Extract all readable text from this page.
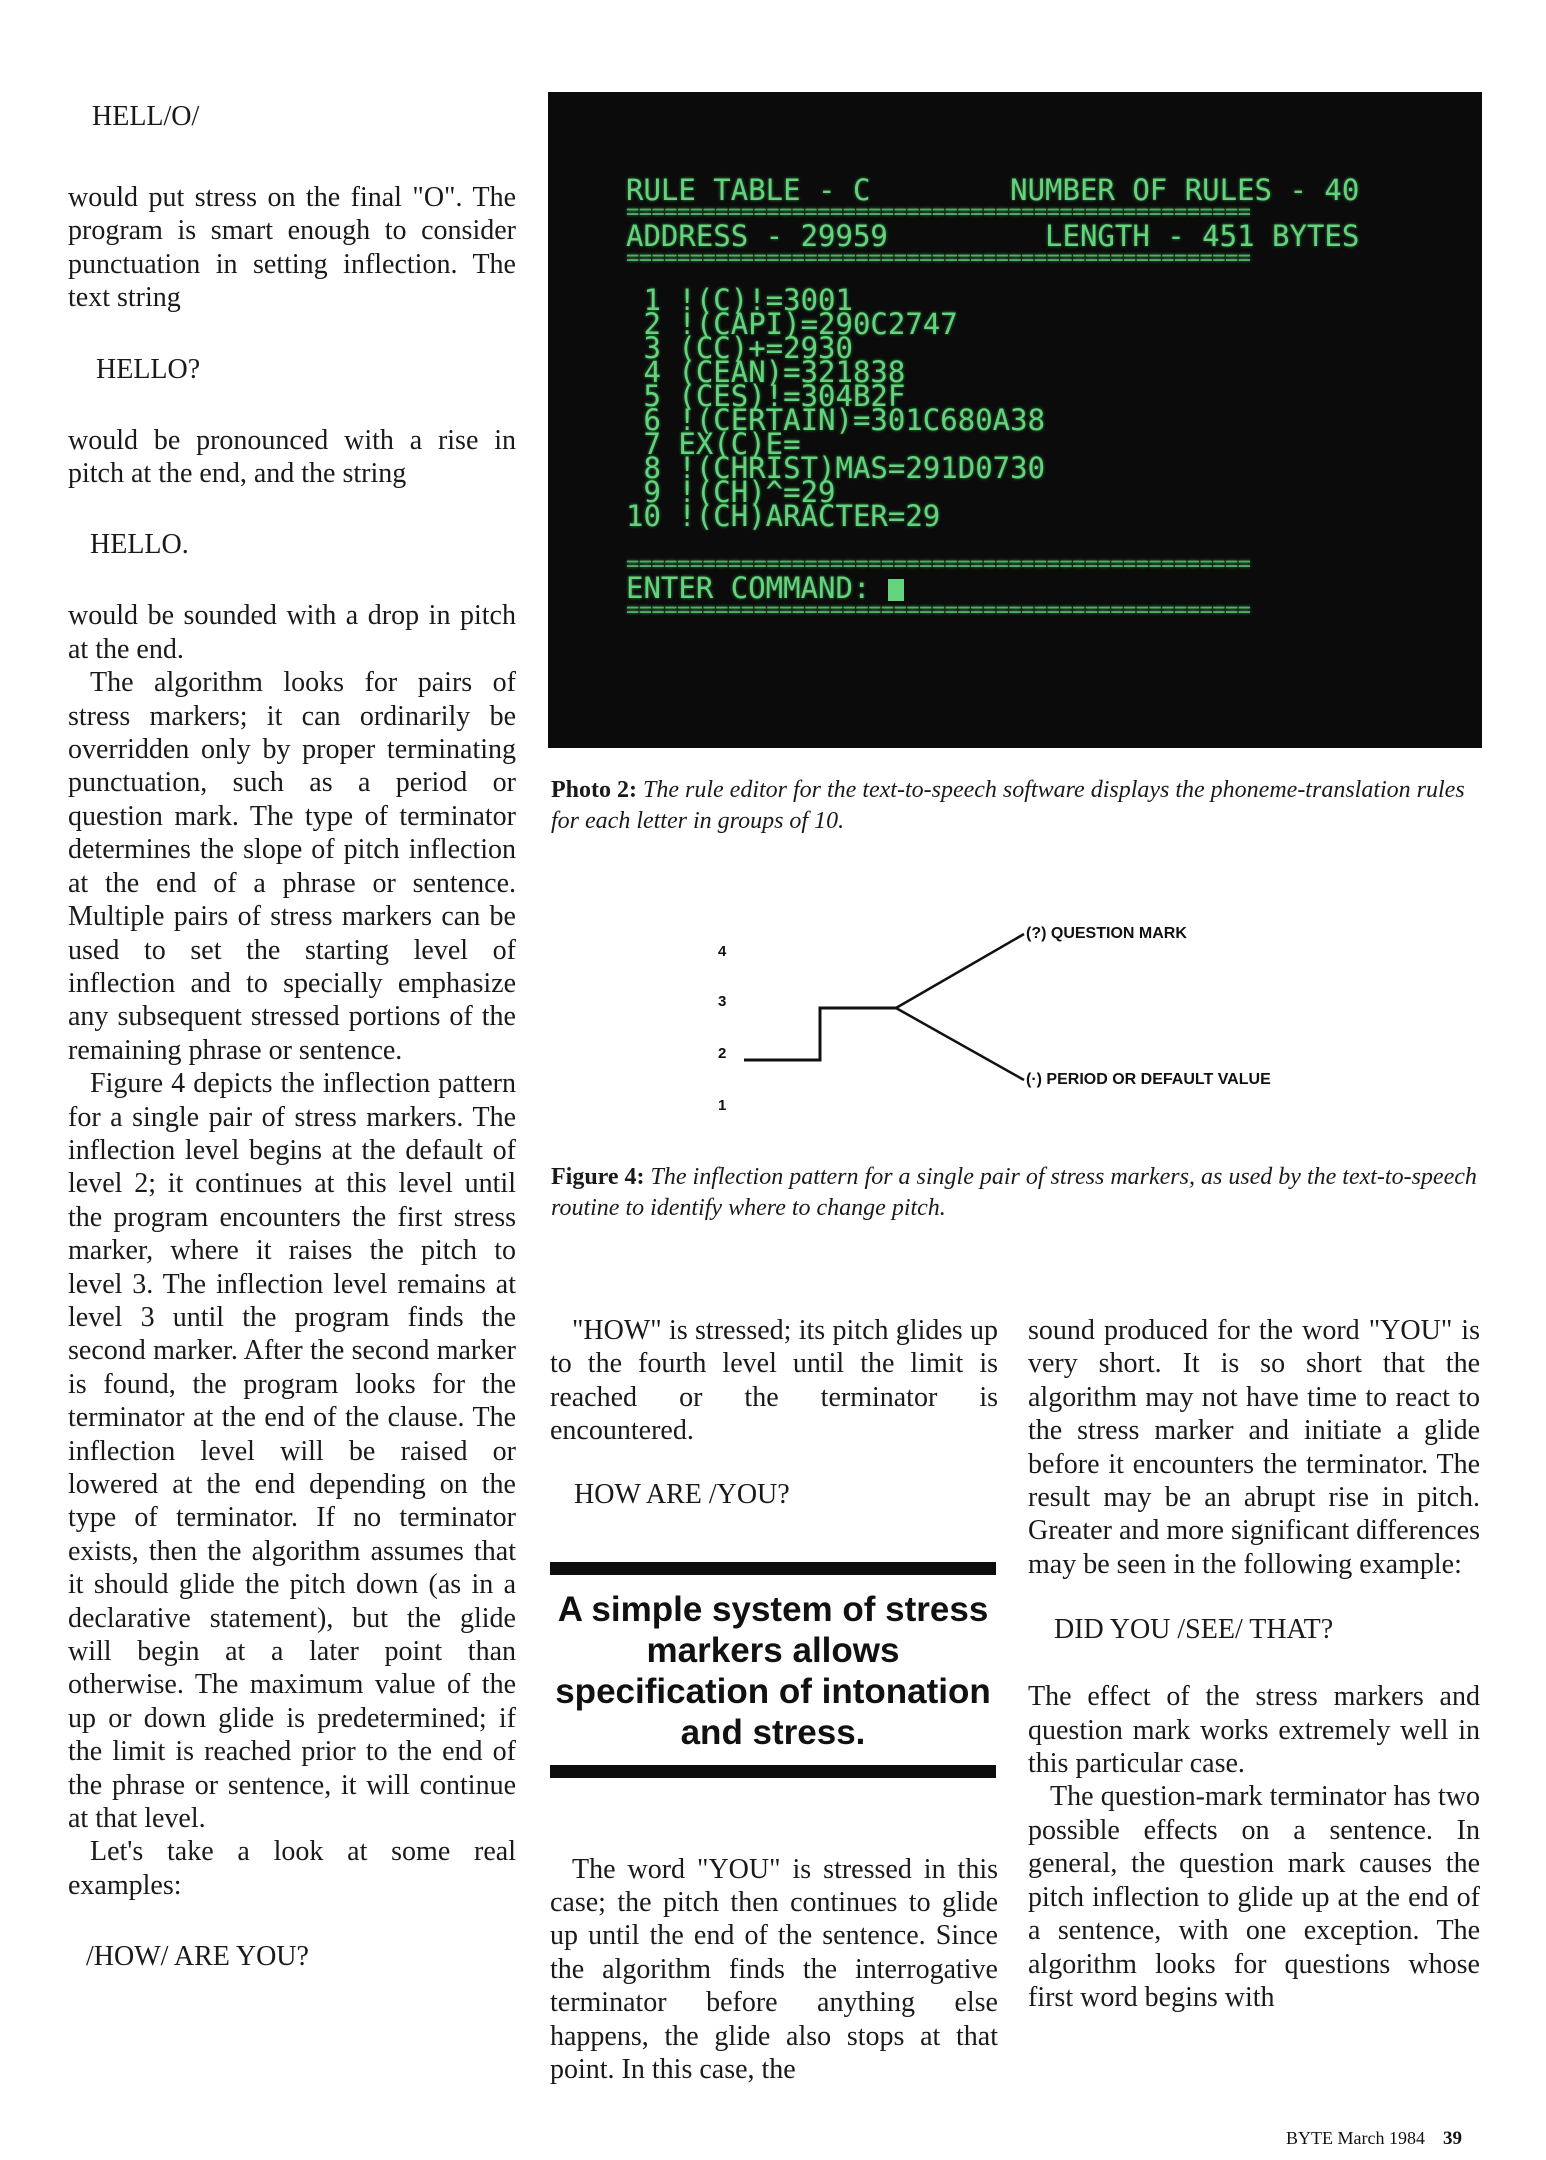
HELL/O/

would put stress on the final "O". The program is smart enough to consider punctuation in setting inflection. The text string

HELLO?

would be pronounced with a rise in pitch at the end, and the string

HELLO.

would be sounded with a drop in pitch at the end.

The algorithm looks for pairs of stress markers; it can ordinarily be overridden only by proper terminating punctuation, such as a period or question mark. The type of terminator determines the slope of pitch inflection at the end of a phrase or sentence. Multiple pairs of stress markers can be used to set the starting level of inflection and to specially emphasize any subsequent stressed portions of the remaining phrase or sentence.

Figure 4 depicts the inflection pattern for a single pair of stress markers. The inflection level begins at the default of level 2; it continues at this level until the program encounters the first stress marker, where it raises the pitch to level 3. The inflection level remains at level 3 until the program finds the second marker. After the second marker is found, the program looks for the terminator at the end of the clause. The inflection level will be raised or lowered at the end depending on the type of terminator. If no terminator exists, then the algorithm assumes that it should glide the pitch down (as in a declarative statement), but the glide will begin at a later point than otherwise. The maximum value of the up or down glide is predetermined; if the limit is reached prior to the end of the phrase or sentence, it will continue at that level.

Let's take a look at some real examples:

/HOW/ ARE YOU?
RULE TABLE - C        NUMBER OF RULES - 40
=================================================
ADDRESS - 29959         LENGTH - 451 BYTES
=================================================
1 !(C)!=3001
2 !(CAPI)=290C2747
3 (CC)+=2930
4 (CEAN)=321838
5 (CES)!=304B2F
6 !(CERTAIN)=301C680A38
7 EX(C)E=
8 !(CHRIST)MAS=291D0730
9 !(CH)^=29
10 !(CH)ARACTER=29
=================================================
ENTER COMMAND:
=================================================
Photo 2: The rule editor for the text-to-speech software displays the phoneme-translation rules for each letter in groups of 10.
4
3
2
1
(?) QUESTION MARK
(·) PERIOD OR DEFAULT VALUE
Figure 4: The inflection pattern for a single pair of stress markers, as used by the text-to-speech routine to identify where to change pitch.

"HOW" is stressed; its pitch glides up to the fourth level until the limit is reached or the terminator is encountered.

HOW ARE /YOU?

The word "YOU" is stressed in this case; the pitch then continues to glide up until the end of the sentence. Since the algorithm finds the interrogative terminator before anything else happens, the glide also stops at that point. In this case, the

A simple system of stress markers allows specification of intonation and stress.

sound produced for the word "YOU" is very short. It is so short that the algorithm may not have time to react to the stress marker and initiate a glide before it encounters the terminator. The result may be an abrupt rise in pitch. Greater and more significant differences may be seen in the following example:

DID YOU /SEE/ THAT?

The effect of the stress markers and question mark works extremely well in this particular case.

The question-mark terminator has two possible effects on a sentence. In general, the question mark causes the pitch inflection to glide up at the end of a sentence, with one exception. The algorithm looks for questions whose first word begins with

BYTE March 1984 39
